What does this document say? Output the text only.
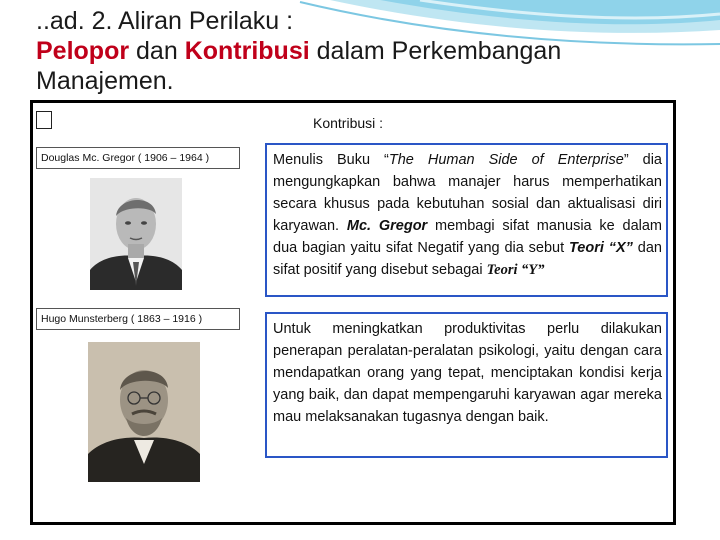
..ad. 2. Aliran Perilaku :
Pelopor dan Kontribusi dalam Perkembangan
Manajemen.
Kontribusi :
Douglas Mc. Gregor ( 1906 – 1964 )	Menulis Buku “The Human Side of Enterprise” dia mengungkapkan bahwa manajer harus memperhatikan secara khusus pada kebutuhan sosial dan aktualisasi diri karyawan. Mc. Gregor membagi sifat manusia ke dalam dua bagian yaitu sifat Negatif yang dia sebut Teori “X” dan sifat positif yang disebut sebagai Teori “Y”
Hugo Munsterberg ( 1863 – 1916 )
Untuk meningkatkan produktivitas perlu dilakukan penerapan peralatan-peralatan psikologi, yaitu dengan cara mendapatkan orang yang tepat, menciptakan kondisi kerja yang baik, dan dapat mempengaruhi karyawan agar mereka mau melaksanakan tugasnya dengan baik.
